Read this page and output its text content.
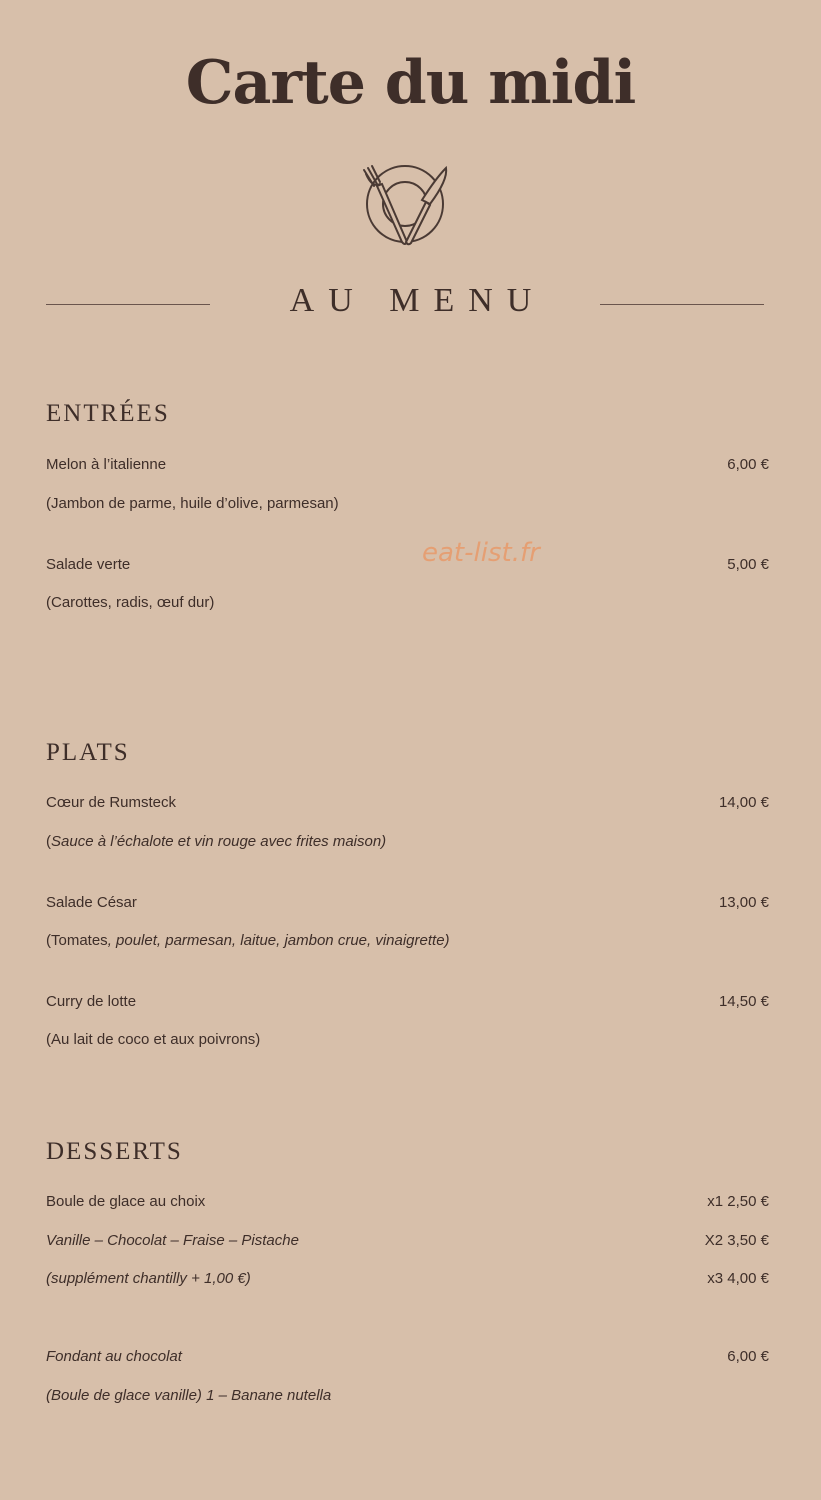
Carte du midi
AU MENU
eat-list.fr
ENTRÉES
Melon à l’italienne	6,00 €
(Jambon de parme, huile d’olive, parmesan)
Salade verte	5,00 €
(Carottes, radis, œuf dur)
PLATS
Cœur de Rumsteck	14,00 €
(Sauce à l’échalote et vin rouge avec frites maison)
Salade César	13,00 €
(Tomates, poulet, parmesan, laitue, jambon crue, vinaigrette)
Curry de lotte	14,50 €
(Au lait de coco et aux poivrons)
DESSERTS
Boule de glace au choix	x1 2,50 €
Vanille – Chocolat – Fraise – Pistache	X2 3,50 €
(supplément chantilly + 1,00 €)	x3 4,00 €
Fondant au chocolat	6,00 €
(Boule de glace vanille) 1 – Banane nutella
